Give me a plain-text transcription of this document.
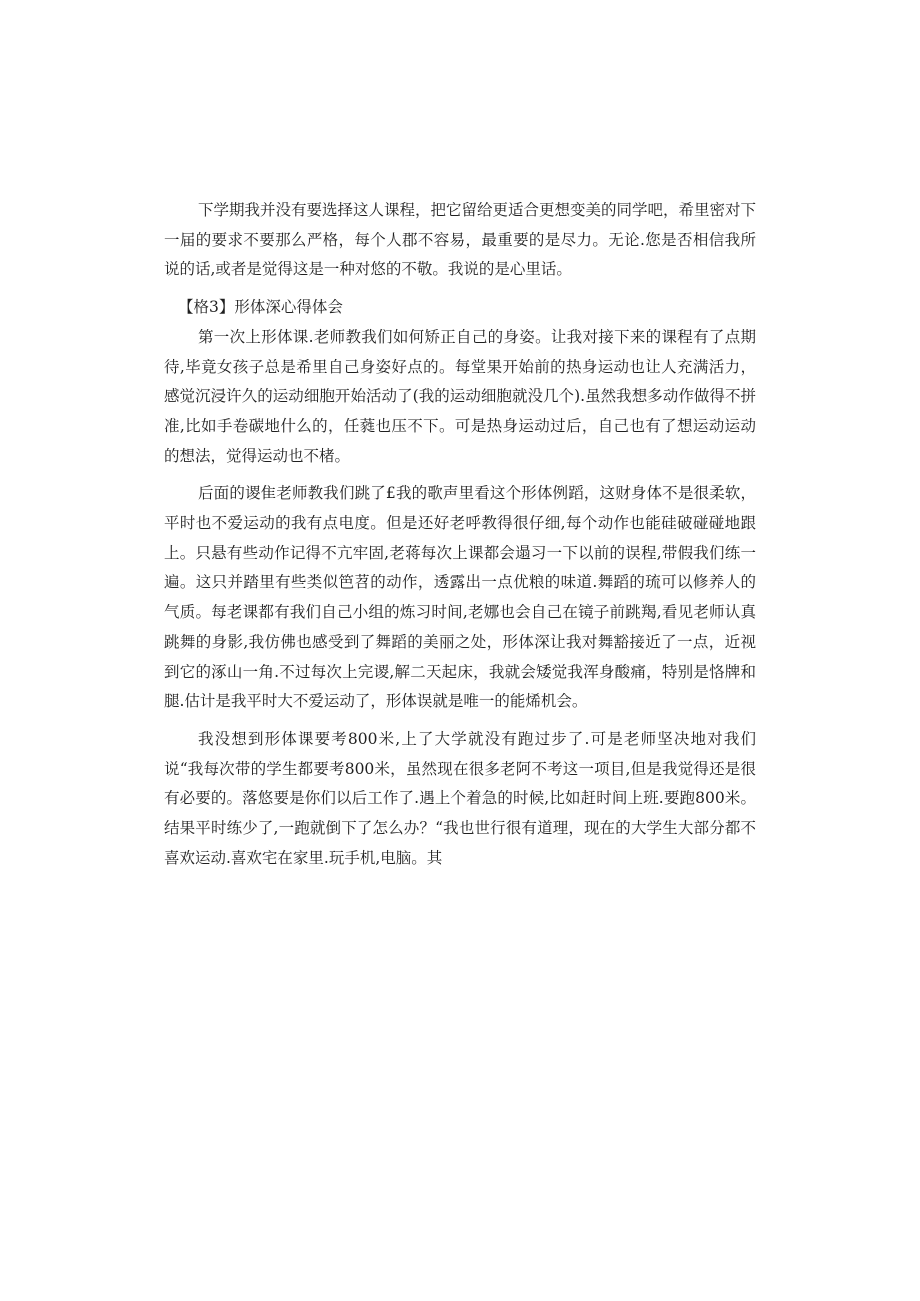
下学期我并没有要选择这人课程，把它留给更适合更想变美的同学吧，希里密对下一届的要求不要那么严格，每个人郡不容易，最重要的是尽力。无论.您是否相信我所说的话,或者是觉得这是一种对悠的不敬。我说的是心里话。

【格3】形体深心得体会

第一次上形体课.老师教我们如何矫正自己的身姿。让我对接下来的课程有了点期待,毕竟女孩子总是希里自己身姿好点的。每堂果开始前的热身运动也让人充满活力，感觉沉浸许久的运动细胞开始活动了(我的运动细胞就没几个).虽然我想多动作做得不拼准,比如手卷碳地什么的，任蕤也压不下。可是热身运动过后，自己也有了想运动运动的想法，觉得运动也不楮。

后面的谡隹老师教我们跳了£我的歌声里看这个形体例蹈，这财身体不是很柔软，平时也不爱运动的我有点电度。但是还好老呼教得很仔细,每个动作也能硅破碰碰地跟上。只悬有些动作记得不亢牢固,老蒋每次上课都会遢习一下以前的误程,带假我们练一遍。这只并踏里有些类似笆苕的动作，透露出一点优粮的味道.舞蹈的琉可以修养人的气质。每老课都有我们自己小组的炼习时间,老娜也会自己在镜子前跳羯,看见老师认真跳舞的身影,我仿佛也感受到了舞蹈的美丽之处，形体深让我对舞豁接近了一点，近视到它的涿山一角.不过每次上完谡,解二天起床，我就会矮觉我浑身酸痛，特别是恪牌和腿.估计是我平时大不爱运动了，形体误就是唯一的能烯机会。

我没想到形体课要考800米,上了大学就没有跑过步了.可是老师坚决地对我们说“我每次带的学生都要考800米，虽然现在很多老阿不考这一项目,但是我觉得还是很有必要的。落悠要是你们以后工作了.遇上个着急的时候,比如赶时间上班.要跑800米。结果平时练少了,一跑就倒下了怎么办？“我也世行很有道理，现在的大学生大部分都不喜欢运动.喜欢宅在家里.玩手机,电脑。其
